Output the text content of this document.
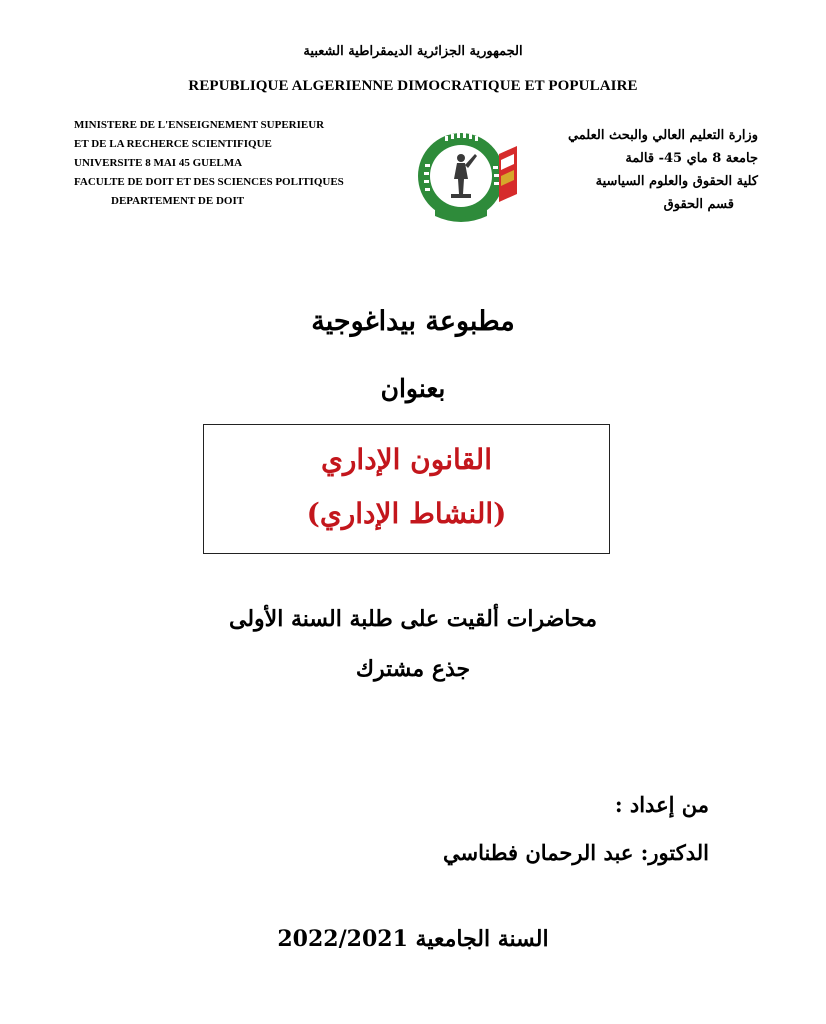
الجمهورية الجزائرية الديمقراطية الشعبية
REPUBLIQUE ALGERIENNE DIMOCRATIQUE ET POPULAIRE
MINISTERE DE L'ENSEIGNEMENT SUPERIEUR
ET DE LA RECHERCE SCIENTIFIQUE
UNIVERSITE 8 MAI 45 GUELMA
FACULTE DE DOIT ET DES SCIENCES POLITIQUES
DEPARTEMENT DE DOIT
وزارة التعليم العالي والبحث العلمي
جامعة 8 ماي 45- قالمة
كلية الحقوق والعلوم السياسية
قسم الحقوق
مطبوعة بيداغوجية
بعنوان
القانون الإداري
(النشاط الإداري)
محاضرات ألقيت على طلبة السنة الأولى
جذع مشترك
من إعداد :
الدكتور: عبد الرحمان فطناسي
السنة الجامعية 2022/2021
